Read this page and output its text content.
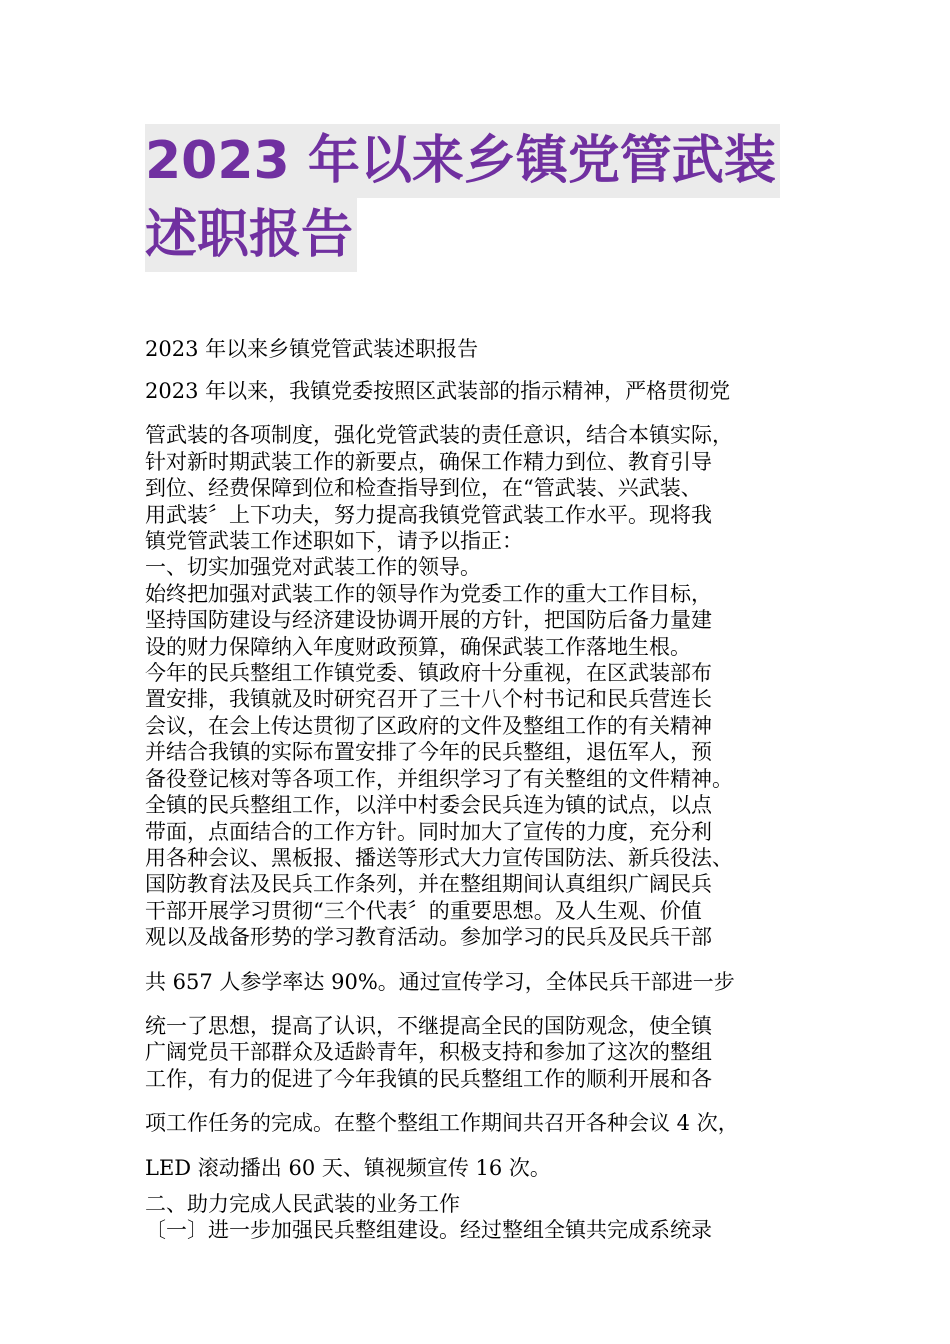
2023 年以来乡镇党管武装
述职报告
2023 年以来乡镇党管武装述职报告
2023 年以来，我镇党委按照区武装部的指示精神，严格贯彻党
管武装的各项制度，强化党管武装的责任意识，结合本镇实际，
针对新时期武装工作的新要点，确保工作精力到位、教育引导
到位、经费保障到位和检查指导到位，在“管武装、兴武装、
用武装〞上下功夫，努力提高我镇党管武装工作水平。现将我
镇党管武装工作述职如下，请予以指正：
一、切实加强党对武装工作的领导。
始终把加强对武装工作的领导作为党委工作的重大工作目标，
坚持国防建设与经济建设协调开展的方针，把国防后备力量建
设的财力保障纳入年度财政预算，确保武装工作落地生根。
今年的民兵整组工作镇党委、镇政府十分重视，在区武装部布
置安排，我镇就及时研究召开了三十八个村书记和民兵营连长
会议，在会上传达贯彻了区政府的文件及整组工作的有关精神
并结合我镇的实际布置安排了今年的民兵整组，退伍军人，预
备役登记核对等各项工作，并组织学习了有关整组的文件精神。
全镇的民兵整组工作，以洋中村委会民兵连为镇的试点，以点
带面，点面结合的工作方针。同时加大了宣传的力度，充分利
用各种会议、黑板报、播送等形式大力宣传国防法、新兵役法、
国防教育法及民兵工作条列，并在整组期间认真组织广阔民兵
干部开展学习贯彻“三个代表〞的重要思想。及人生观、价值
观以及战备形势的学习教育活动。参加学习的民兵及民兵干部
共 657 人参学率达 90%。通过宣传学习，全体民兵干部进一步
统一了思想，提高了认识，不继提高全民的国防观念，使全镇
广阔党员干部群众及适龄青年，积极支持和参加了这次的整组
工作，有力的促进了今年我镇的民兵整组工作的顺利开展和各
项工作任务的完成。在整个整组工作期间共召开各种会议 4 次，
LED 滚动播出 60 天、镇视频宣传 16 次。
二、助力完成人民武装的业务工作
〔一〕进一步加强民兵整组建设。经过整组全镇共完成系统录
